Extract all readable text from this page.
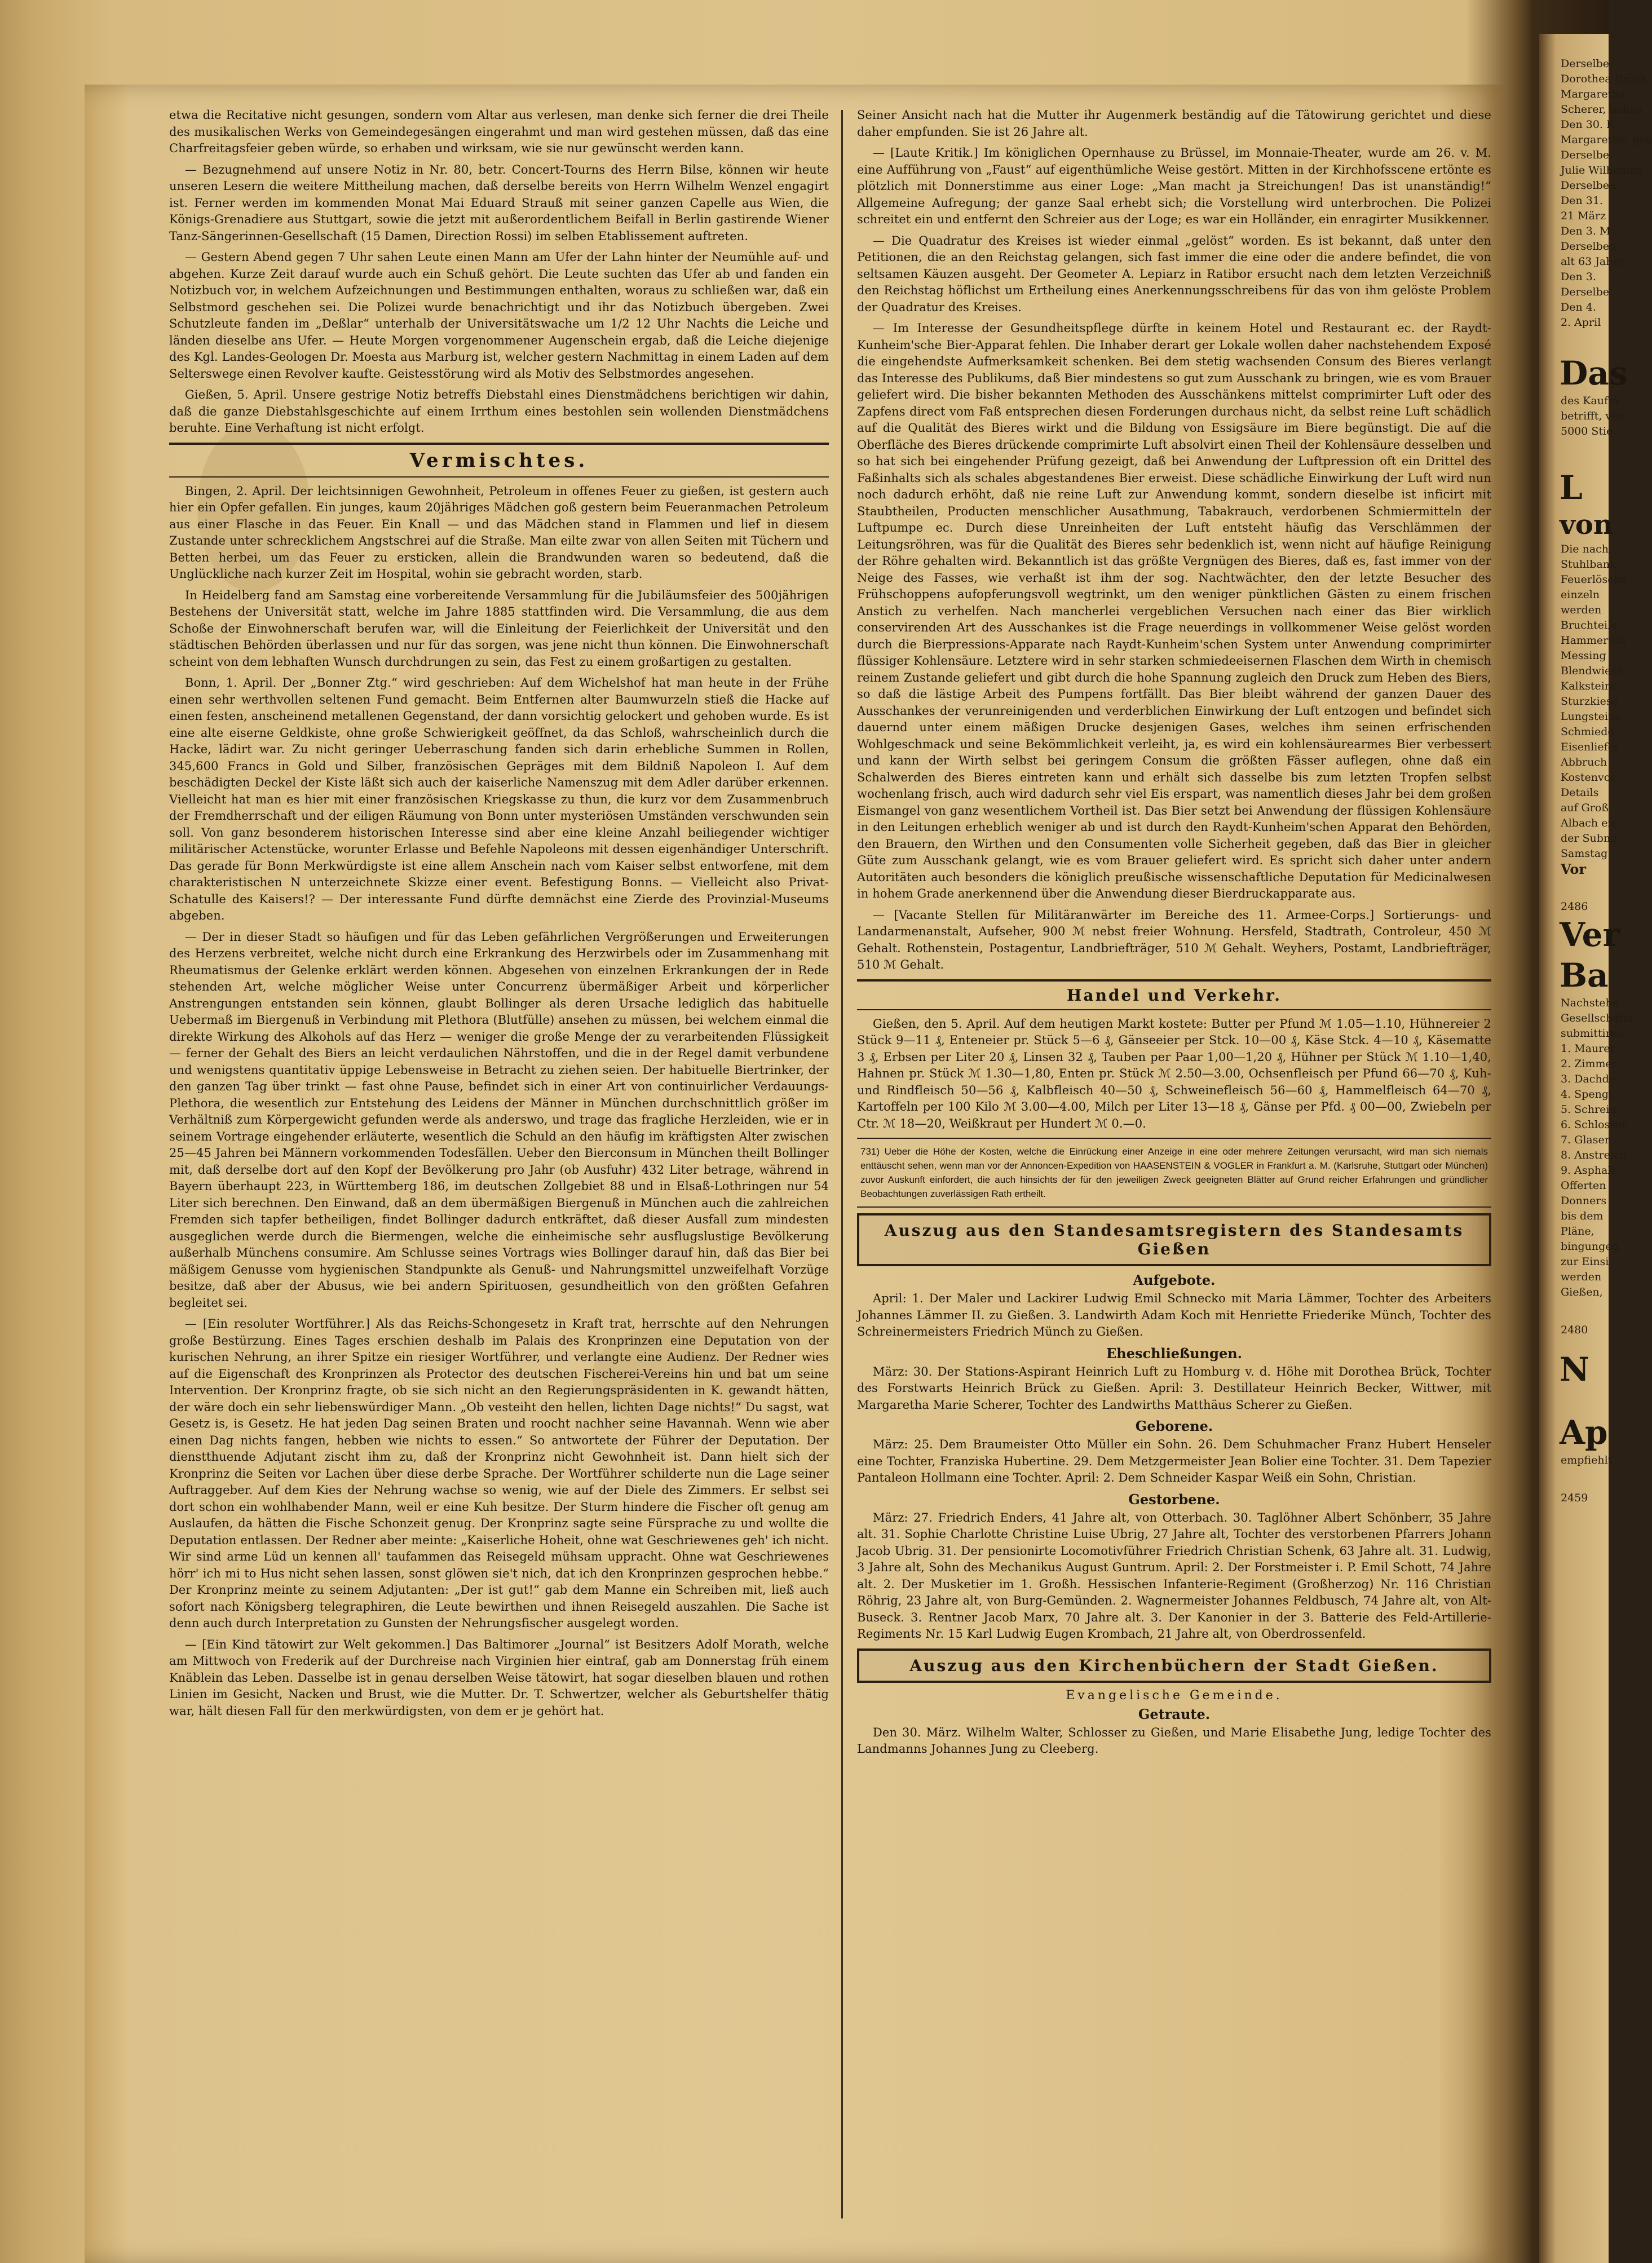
etwa die Recitative nicht gesungen, sondern vom Altar aus verlesen, man denke sich ferner die drei Theile des musikalischen Werks von Gemeindegesängen eingerahmt und man wird gestehen müssen, daß das eine Charfreitagsfeier geben würde, so erhaben und wirksam, wie sie nur gewünscht werden kann.

— Bezugnehmend auf unsere Notiz in Nr. 80, betr. Concert-Tourns des Herrn Bilse, können wir heute unseren Lesern die weitere Mittheilung machen, daß derselbe bereits von Herrn Wilhelm Wenzel engagirt ist. Ferner werden im kommenden Monat Mai Eduard Strauß mit seiner ganzen Capelle aus Wien, die Königs-Grenadiere aus Stuttgart, sowie die jetzt mit außerordentlichem Beifall in Berlin gastirende Wiener Tanz-Sängerinnen-Gesellschaft (15 Damen, Direction Rossi) im selben Etablissement auftreten.

— Gestern Abend gegen 7 Uhr sahen Leute einen Mann am Ufer der Lahn hinter der Neumühle auf- und abgehen. Kurze Zeit darauf wurde auch ein Schuß gehört. Die Leute suchten das Ufer ab und fanden ein Notizbuch vor, in welchem Aufzeichnungen und Bestimmungen enthalten, woraus zu schließen war, daß ein Selbstmord geschehen sei. Die Polizei wurde benachrichtigt und ihr das Notizbuch übergeben. Zwei Schutzleute fanden im „Deßlar“ unterhalb der Universitätswache um 1/2 12 Uhr Nachts die Leiche und länden dieselbe ans Ufer. — Heute Morgen vorgenommener Augenschein ergab, daß die Leiche diejenige des Kgl. Landes-Geologen Dr. Moesta aus Marburg ist, welcher gestern Nachmittag in einem Laden auf dem Selterswege einen Revolver kaufte. Geistesstörung wird als Motiv des Selbstmordes angesehen.

Gießen, 5. April. Unsere gestrige Notiz betreffs Diebstahl eines Dienstmädchens berichtigen wir dahin, daß die ganze Diebstahlsgeschichte auf einem Irrthum eines bestohlen sein wollenden Dienstmädchens beruhte. Eine Verhaftung ist nicht erfolgt.

Vermischtes.

Bingen, 2. April. Der leichtsinnigen Gewohnheit, Petroleum in offenes Feuer zu gießen, ist gestern auch hier ein Opfer gefallen. Ein junges, kaum 20jähriges Mädchen goß gestern beim Feueranmachen Petroleum aus einer Flasche in das Feuer. Ein Knall — und das Mädchen stand in Flammen und lief in diesem Zustande unter schrecklichem Angstschrei auf die Straße. Man eilte zwar von allen Seiten mit Tüchern und Betten herbei, um das Feuer zu ersticken, allein die Brandwunden waren so bedeutend, daß die Unglückliche nach kurzer Zeit im Hospital, wohin sie gebracht worden, starb.

In Heidelberg fand am Samstag eine vorbereitende Versammlung für die Jubiläumsfeier des 500jährigen Bestehens der Universität statt, welche im Jahre 1885 stattfinden wird. Die Versammlung, die aus dem Schoße der Einwohnerschaft berufen war, will die Einleitung der Feierlichkeit der Universität und den städtischen Behörden überlassen und nur für das sorgen, was jene nicht thun können. Die Einwohnerschaft scheint von dem lebhaften Wunsch durchdrungen zu sein, das Fest zu einem großartigen zu gestalten.

Bonn, 1. April. Der „Bonner Ztg.“ wird geschrieben: Auf dem Wichelshof hat man heute in der Frühe einen sehr werthvollen seltenen Fund gemacht. Beim Entfernen alter Baumwurzeln stieß die Hacke auf einen festen, anscheinend metallenen Gegenstand, der dann vorsichtig gelockert und gehoben wurde. Es ist eine alte eiserne Geldkiste, ohne große Schwierigkeit geöffnet, da das Schloß, wahrscheinlich durch die Hacke, lädirt war. Zu nicht geringer Ueberraschung fanden sich darin erhebliche Summen in Rollen, 345,600 Francs in Gold und Silber, französischen Gepräges mit dem Bildniß Napoleon I. Auf dem beschädigten Deckel der Kiste läßt sich auch der kaiserliche Namenszug mit dem Adler darüber erkennen. Vielleicht hat man es hier mit einer französischen Kriegskasse zu thun, die kurz vor dem Zusammenbruch der Fremdherrschaft und der eiligen Räumung von Bonn unter mysteriösen Umständen verschwunden sein soll. Von ganz besonderem historischen Interesse sind aber eine kleine Anzahl beiliegender wichtiger militärischer Actenstücke, worunter Erlasse und Befehle Napoleons mit dessen eigenhändiger Unterschrift. Das gerade für Bonn Merkwürdigste ist eine allem Anschein nach vom Kaiser selbst entworfene, mit dem charakteristischen N unterzeichnete Skizze einer event. Befestigung Bonns. — Vielleicht also Privat-Schatulle des Kaisers!? — Der interessante Fund dürfte demnächst eine Zierde des Provinzial-Museums abgeben.

— Der in dieser Stadt so häufigen und für das Leben gefährlichen Vergrößerungen und Erweiterungen des Herzens verbreitet, welche nicht durch eine Erkrankung des Herzwirbels oder im Zusammenhang mit Rheumatismus der Gelenke erklärt werden können. Abgesehen von einzelnen Erkrankungen der in Rede stehenden Art, welche möglicher Weise unter Concurrenz übermäßiger Arbeit und körperlicher Anstrengungen entstanden sein können, glaubt Bollinger als deren Ursache lediglich das habituelle Uebermaß im Biergenuß in Verbindung mit Plethora (Blutfülle) ansehen zu müssen, bei welchem einmal die direkte Wirkung des Alkohols auf das Herz — weniger die große Menge der zu verarbeitenden Flüssigkeit — ferner der Gehalt des Biers an leicht verdaulichen Nährstoffen, und die in der Regel damit verbundene und wenigstens quantitativ üppige Lebensweise in Betracht zu ziehen seien. Der habituelle Biertrinker, der den ganzen Tag über trinkt — fast ohne Pause, befindet sich in einer Art von continuirlicher Verdauungs-Plethora, die wesentlich zur Entstehung des Leidens der Männer in München durchschnittlich größer im Verhältniß zum Körpergewicht gefunden werde als anderswo, und trage das fragliche Herzleiden, wie er in seinem Vortrage eingehender erläuterte, wesentlich die Schuld an den häufig im kräftigsten Alter zwischen 25—45 Jahren bei Männern vorkommenden Todesfällen. Ueber den Bierconsum in München theilt Bollinger mit, daß derselbe dort auf den Kopf der Bevölkerung pro Jahr (ob Ausfuhr) 432 Liter betrage, während in Bayern überhaupt 223, in Württemberg 186, im deutschen Zollgebiet 88 und in Elsaß-Lothringen nur 54 Liter sich berechnen. Den Einwand, daß an dem übermäßigen Biergenuß in München auch die zahlreichen Fremden sich tapfer betheiligen, findet Bollinger dadurch entkräftet, daß dieser Ausfall zum mindesten ausgeglichen werde durch die Biermengen, welche die einheimische sehr ausflugslustige Bevölkerung außerhalb Münchens consumire. Am Schlusse seines Vortrags wies Bollinger darauf hin, daß das Bier bei mäßigem Genusse vom hygienischen Standpunkte als Genuß- und Nahrungsmittel unzweifelhaft Vorzüge besitze, daß aber der Abusus, wie bei andern Spirituosen, gesundheitlich von den größten Gefahren begleitet sei.

— [Ein resoluter Wortführer.] Als das Reichs-Schongesetz in Kraft trat, herrschte auf den Nehrungen große Bestürzung. Eines Tages erschien deshalb im Palais des Kronprinzen eine Deputation von der kurischen Nehrung, an ihrer Spitze ein riesiger Wortführer, und verlangte eine Audienz. Der Redner wies auf die Eigenschaft des Kronprinzen als Protector des deutschen Fischerei-Vereins hin und bat um seine Intervention. Der Kronprinz fragte, ob sie sich nicht an den Regierungspräsidenten in K. gewandt hätten, der wäre doch ein sehr liebenswürdiger Mann. „Ob vesteiht den hellen, lichten Dage nichts!“ Du sagst, wat Gesetz is, is Gesetz. He hat jeden Dag seinen Braten und roocht nachher seine Havannah. Wenn wie aber einen Dag nichts fangen, hebben wie nichts to essen.“ So antwortete der Führer der Deputation. Der dienstthuende Adjutant zischt ihm zu, daß der Kronprinz nicht Gewohnheit ist. Dann hielt sich der Kronprinz die Seiten vor Lachen über diese derbe Sprache. Der Wortführer schilderte nun die Lage seiner Auftraggeber. Auf dem Kies der Nehrung wachse so wenig, wie auf der Diele des Zimmers. Er selbst sei dort schon ein wohlhabender Mann, weil er eine Kuh besitze. Der Sturm hindere die Fischer oft genug am Auslaufen, da hätten die Fische Schonzeit genug. Der Kronprinz sagte seine Fürsprache zu und wollte die Deputation entlassen. Der Redner aber meinte: „Kaiserliche Hoheit, ohne wat Geschriewenes geh' ich nicht. Wir sind arme Lüd un kennen all' taufammen das Reisegeld mühsam uppracht. Ohne wat Geschriewenes hörr' ich mi to Hus nicht sehen lassen, sonst glöwen sie't nich, dat ich den Kronprinzen gesprochen hebbe.“ Der Kronprinz meinte zu seinem Adjutanten: „Der ist gut!“ gab dem Manne ein Schreiben mit, ließ auch sofort nach Königsberg telegraphiren, die Leute bewirthen und ihnen Reisegeld auszahlen. Die Sache ist denn auch durch Interpretation zu Gunsten der Nehrungsfischer ausgelegt worden.

— [Ein Kind tätowirt zur Welt gekommen.] Das Baltimorer „Journal“ ist Besitzers Adolf Morath, welche am Mittwoch von Frederik auf der Durchreise nach Virginien hier eintraf, gab am Donnerstag früh einem Knäblein das Leben. Dasselbe ist in genau derselben Weise tätowirt, hat sogar dieselben blauen und rothen Linien im Gesicht, Nacken und Brust, wie die Mutter. Dr. T. Schwertzer, welcher als Geburtshelfer thätig war, hält diesen Fall für den merkwürdigsten, von dem er je gehört hat.

Seiner Ansicht nach hat die Mutter ihr Augenmerk beständig auf die Tätowirung gerichtet und diese daher empfunden. Sie ist 26 Jahre alt.

— [Laute Kritik.] Im königlichen Opernhause zu Brüssel, im Monnaie-Theater, wurde am 26. v. M. eine Aufführung von „Faust“ auf eigenthümliche Weise gestört. Mitten in der Kirchhofsscene ertönte es plötzlich mit Donnerstimme aus einer Loge: „Man macht ja Streichungen! Das ist unanständig!“ Allgemeine Aufregung; der ganze Saal erhebt sich; die Vorstellung wird unterbrochen. Die Polizei schreitet ein und entfernt den Schreier aus der Loge; es war ein Holländer, ein enragirter Musikkenner.

— Die Quadratur des Kreises ist wieder einmal „gelöst“ worden. Es ist bekannt, daß unter den Petitionen, die an den Reichstag gelangen, sich fast immer die eine oder die andere befindet, die von seltsamen Käuzen ausgeht. Der Geometer A. Lepiarz in Ratibor ersucht nach dem letzten Verzeichniß den Reichstag höflichst um Ertheilung eines Anerkennungsschreibens für das von ihm gelöste Problem der Quadratur des Kreises.

— Im Interesse der Gesundheitspflege dürfte in keinem Hotel und Restaurant ec. der Raydt-Kunheim'sche Bier-Apparat fehlen. Die Inhaber derart ger Lokale wollen daher nachstehendem Exposé die eingehendste Aufmerksamkeit schenken. Bei dem stetig wachsenden Consum des Bieres verlangt das Interesse des Publikums, daß Bier mindestens so gut zum Ausschank zu bringen, wie es vom Brauer geliefert wird. Die bisher bekannten Methoden des Ausschänkens mittelst comprimirter Luft oder des Zapfens direct vom Faß entsprechen diesen Forderungen durchaus nicht, da selbst reine Luft schädlich auf die Qualität des Bieres wirkt und die Bildung von Essigsäure im Biere begünstigt. Die auf die Oberfläche des Bieres drückende comprimirte Luft absolvirt einen Theil der Kohlensäure desselben und so hat sich bei eingehender Prüfung gezeigt, daß bei Anwendung der Luftpression oft ein Drittel des Faßinhalts sich als schales abgestandenes Bier erweist. Diese schädliche Einwirkung der Luft wird nun noch dadurch erhöht, daß nie reine Luft zur Anwendung kommt, sondern dieselbe ist inficirt mit Staubtheilen, Producten menschlicher Ausathmung, Tabakrauch, verdorbenen Schmiermitteln der Luftpumpe ec. Durch diese Unreinheiten der Luft entsteht häufig das Verschlämmen der Leitungsröhren, was für die Qualität des Bieres sehr bedenklich ist, wenn nicht auf häufige Reinigung der Röhre gehalten wird. Bekanntlich ist das größte Vergnügen des Bieres, daß es, fast immer von der Neige des Fasses, wie verhaßt ist ihm der sog. Nachtwächter, den der letzte Besucher des Frühschoppens aufopferungsvoll wegtrinkt, um den weniger pünktlichen Gästen zu einem frischen Anstich zu verhelfen. Nach mancherlei vergeblichen Versuchen nach einer das Bier wirklich conservirenden Art des Ausschankes ist die Frage neuerdings in vollkommener Weise gelöst worden durch die Bierpressions-Apparate nach Raydt-Kunheim'schen System unter Anwendung comprimirter flüssiger Kohlensäure. Letztere wird in sehr starken schmiedeeisernen Flaschen dem Wirth in chemisch reinem Zustande geliefert und gibt durch die hohe Spannung zugleich den Druck zum Heben des Biers, so daß die lästige Arbeit des Pumpens fortfällt. Das Bier bleibt während der ganzen Dauer des Ausschankes der verunreinigenden und verderblichen Einwirkung der Luft entzogen und befindet sich dauernd unter einem mäßigen Drucke desjenigen Gases, welches ihm seinen erfrischenden Wohlgeschmack und seine Bekömmlichkeit verleiht, ja, es wird ein kohlensäurearmes Bier verbessert und kann der Wirth selbst bei geringem Consum die größten Fässer auflegen, ohne daß ein Schalwerden des Bieres eintreten kann und erhält sich dasselbe bis zum letzten Tropfen selbst wochenlang frisch, auch wird dadurch sehr viel Eis erspart, was namentlich dieses Jahr bei dem großen Eismangel von ganz wesentlichem Vortheil ist. Das Bier setzt bei Anwendung der flüssigen Kohlensäure in den Leitungen erheblich weniger ab und ist durch den Raydt-Kunheim'schen Apparat den Behörden, den Brauern, den Wirthen und den Consumenten volle Sicherheit gegeben, daß das Bier in gleicher Güte zum Ausschank gelangt, wie es vom Brauer geliefert wird. Es spricht sich daher unter andern Autoritäten auch besonders die königlich preußische wissenschaftliche Deputation für Medicinalwesen in hohem Grade anerkennend über die Anwendung dieser Bierdruckapparate aus.

— [Vacante Stellen für Militäranwärter im Bereiche des 11. Armee-Corps.] Sortierungs- und Landarmenanstalt, Aufseher, 900 ℳ nebst freier Wohnung. Hersfeld, Stadtrath, Controleur, 450 ℳ Gehalt. Rothenstein, Postagentur, Landbriefträger, 510 ℳ Gehalt. Weyhers, Postamt, Landbriefträger, 510 ℳ Gehalt.

Handel und Verkehr.

Gießen, den 5. April. Auf dem heutigen Markt kostete: Butter per Pfund ℳ 1.05—1.10, Hühnereier 2 Stück 9—11 ₰, Enteneier pr. Stück 5—6 ₰, Gänseeier per Stck. 10—00 ₰, Käse Stck. 4—10 ₰, Käsematte 3 ₰, Erbsen per Liter 20 ₰, Linsen 32 ₰, Tauben per Paar 1,00—1,20 ₰, Hühner per Stück ℳ 1.10—1,40, Hahnen pr. Stück ℳ 1.30—1,80, Enten pr. Stück ℳ 2.50—3.00, Ochsenfleisch per Pfund 66—70 ₰, Kuh- und Rindfleisch 50—56 ₰, Kalbfleisch 40—50 ₰, Schweinefleisch 56—60 ₰, Hammelfleisch 64—70 ₰, Kartoffeln per 100 Kilo ℳ 3.00—4.00, Milch per Liter 13—18 ₰, Gänse per Pfd. ₰ 00—00, Zwiebeln per Ctr. ℳ 18—20, Weißkraut per Hundert ℳ 0.—0.

731) Ueber die Höhe der Kosten, welche die Einrückung einer Anzeige in eine oder mehrere Zeitungen verursacht, wird man sich niemals enttäuscht sehen, wenn man vor der Annoncen-Expedition von HAASENSTEIN & VOGLER in Frankfurt a. M. (Karlsruhe, Stuttgart oder München) zuvor Auskunft einfordert, die auch hinsichts der für den jeweiligen Zweck geeigneten Blätter auf Grund reicher Erfahrungen und gründlicher Beobachtungen zuverlässigen Rath ertheilt.
Auszug aus den Standesamtsregistern des Standesamts Gießen
Aufgebote.

April: 1. Der Maler und Lackirer Ludwig Emil Schnecko mit Maria Lämmer, Tochter des Arbeiters Johannes Lämmer II. zu Gießen. 3. Landwirth Adam Koch mit Henriette Friederike Münch, Tochter des Schreinermeisters Friedrich Münch zu Gießen.

Eheschließungen.

März: 30. Der Stations-Aspirant Heinrich Luft zu Homburg v. d. Höhe mit Dorothea Brück, Tochter des Forstwarts Heinrich Brück zu Gießen. April: 3. Destillateur Heinrich Becker, Wittwer, mit Margaretha Marie Scherer, Tochter des Landwirths Matthäus Scherer zu Gießen.

Geborene.

März: 25. Dem Braumeister Otto Müller ein Sohn. 26. Dem Schuhmacher Franz Hubert Henseler eine Tochter, Franziska Hubertine. 29. Dem Metzgermeister Jean Bolier eine Tochter. 31. Dem Tapezier Pantaleon Hollmann eine Tochter. April: 2. Dem Schneider Kaspar Weiß ein Sohn, Christian.

Gestorbene.

März: 27. Friedrich Enders, 41 Jahre alt, von Otterbach. 30. Taglöhner Albert Schönberr, 35 Jahre alt. 31. Sophie Charlotte Christine Luise Ubrig, 27 Jahre alt, Tochter des verstorbenen Pfarrers Johann Jacob Ubrig. 31. Der pensionirte Locomotivführer Friedrich Christian Schenk, 63 Jahre alt. 31. Ludwig, 3 Jahre alt, Sohn des Mechanikus August Guntrum. April: 2. Der Forstmeister i. P. Emil Schott, 74 Jahre alt. 2. Der Musketier im 1. Großh. Hessischen Infanterie-Regiment (Großherzog) Nr. 116 Christian Röhrig, 23 Jahre alt, von Burg-Gemünden. 2. Wagnermeister Johannes Feldbusch, 74 Jahre alt, von Alt-Buseck. 3. Rentner Jacob Marx, 70 Jahre alt. 3. Der Kanonier in der 3. Batterie des Feld-Artillerie-Regiments Nr. 15 Karl Ludwig Eugen Krombach, 21 Jahre alt, von Oberdrossenfeld.

Auszug aus den Kirchenbüchern der Stadt Gießen.
Evangelische Gemeinde.
Getraute.

Den 30. März. Wilhelm Walter, Schlosser zu Gießen, und Marie Elisabethe Jung, ledige Tochter des Landmanns Johannes Jung zu Cleeberg.

Derselbe
Dorothea Brück
Margaretha
Scherer, ledige
Den 30. R
Margarethe, geb
Derselbe
Julie Wilhelmin
Derselben
Den 31.
21 März
Den 3. M
Derselben
alt 63 Jahre,
Den 3.
Derselbe
Den 4.
2. April
Das
des Kaufm.
betrifft, ver
5000 Stie
L
von
Die nach
Stuhlbank
Feuerlösche
einzeln
werden
Bruchteile
Hammerteil
Messing
Blendwiese
Kalksteine
Sturzkiese
Lungsteine
Schmiede
Eisenliefer
Abbruch
Kostenvor
Details
auf Groß
Albach ein
der Submi
Samstag
Vor
2486
Ver
Ba
Nachstehe
Gesellschafts
submittiren
1. Maurer
2. Zimmer
3. Dachde
4. Spengl
5. Schrein
6. Schlosser
7. Glaser
8. Anstreich
9. Asphalt
Offerten
Donners
bis dem
Pläne,
bingungen
zur Einsi
werden
Gießen,
2480
N
Ap
empfiehlt
2459
